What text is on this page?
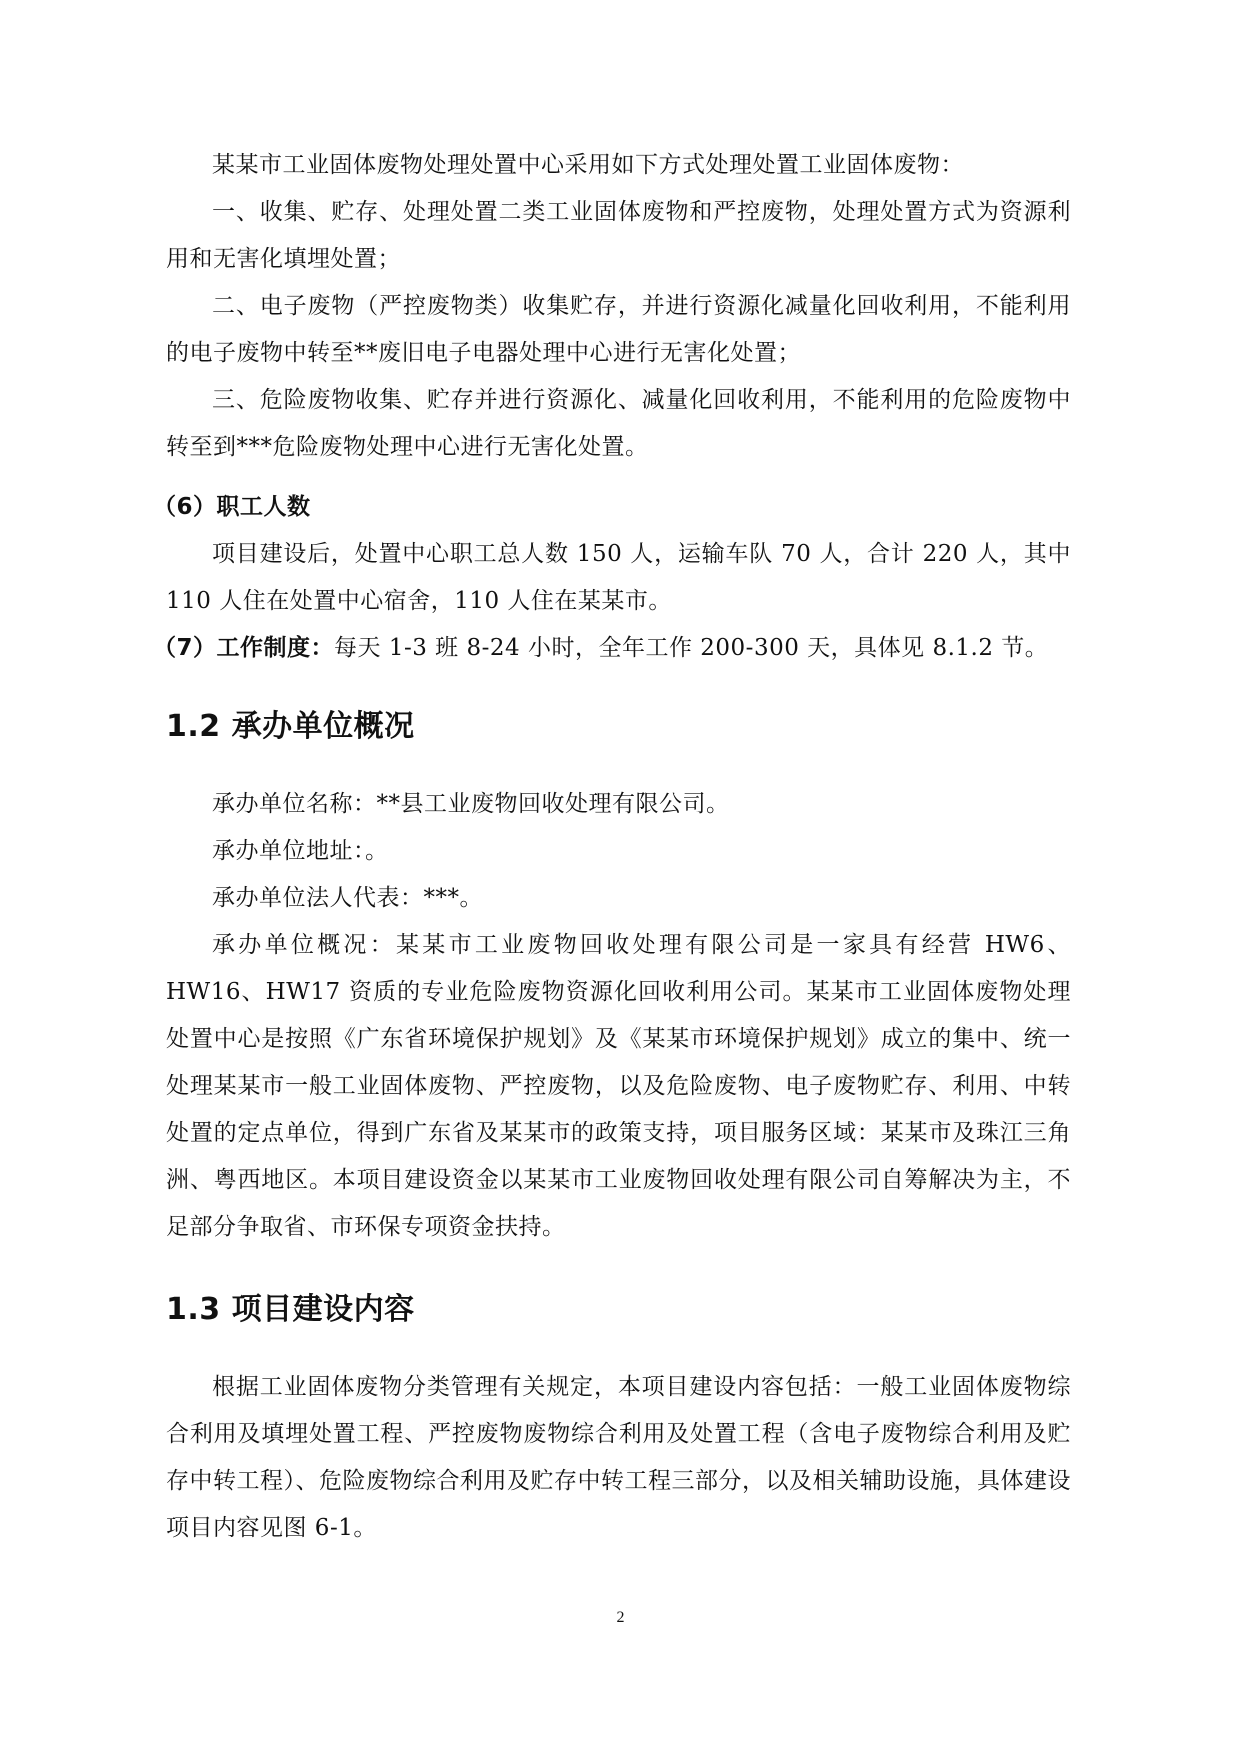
某某市工业固体废物处理处置中心采用如下方式处理处置工业固体废物：

一、收集、贮存、处理处置二类工业固体废物和严控废物，处理处置方式为资源利用和无害化填埋处置；

二、电子废物（严控废物类）收集贮存，并进行资源化减量化回收利用，不能利用的电子废物中转至**废旧电子电器处理中心进行无害化处置；

三、危险废物收集、贮存并进行资源化、减量化回收利用，不能利用的危险废物中转至到***危险废物处理中心进行无害化处置。

（6）职工人数

项目建设后，处置中心职工总人数 150 人，运输车队 70 人，合计 220 人，其中 110 人住在处置中心宿舍，110 人住在某某市。

（7）工作制度：每天 1-3 班 8-24 小时，全年工作 200-300 天，具体见 8.1.2 节。

1.2 承办单位概况

承办单位名称：**县工业废物回收处理有限公司。

承办单位地址：。

承办单位法人代表：***。

承办单位概况：某某市工业废物回收处理有限公司是一家具有经营 HW6、HW16、HW17 资质的专业危险废物资源化回收利用公司。某某市工业固体废物处理处置中心是按照《广东省环境保护规划》及《某某市环境保护规划》成立的集中、统一处理某某市一般工业固体废物、严控废物，以及危险废物、电子废物贮存、利用、中转处置的定点单位，得到广东省及某某市的政策支持，项目服务区域：某某市及珠江三角洲、粤西地区。本项目建设资金以某某市工业废物回收处理有限公司自筹解决为主，不足部分争取省、市环保专项资金扶持。

1.3 项目建设内容

根据工业固体废物分类管理有关规定，本项目建设内容包括：一般工业固体废物综合利用及填埋处置工程、严控废物废物综合利用及处置工程（含电子废物综合利用及贮存中转工程）、危险废物综合利用及贮存中转工程三部分，以及相关辅助设施，具体建设项目内容见图 6-1。

2
